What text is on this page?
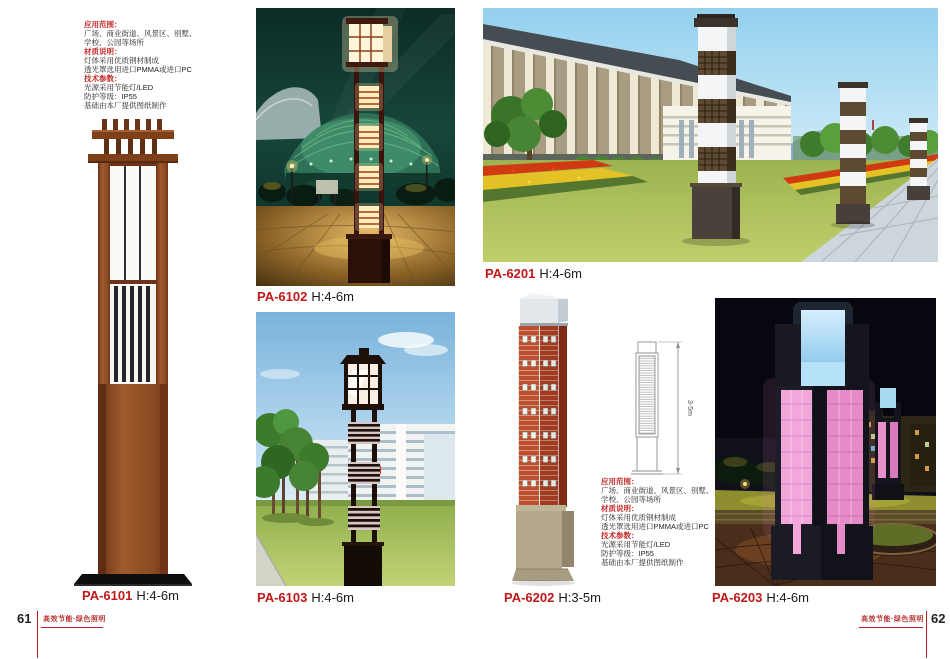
应用范围：
广场、商业街道、风景区、别墅、
学校、公园等场所
材质说明：
灯体采用优质钢材制成
透光罩选用进口PMMA或进口PC
技术参数：
光源采用节能灯/LED
防护等级：IP55
基础由本厂提供图纸制作
3-5m
应用范围：
广场、商业街道、风景区、别墅、
学校、公园等场所
材质说明：
灯体采用优质钢材制成
透光罩选用进口PMMA或进口PC
技术参数：
光源采用节能灯/LED
防护等级：IP55
基础由本厂提供图纸制作
PA-6101 H:4-6m
PA-6102 H:4-6m
PA-6103 H:4-6m
PA-6201 H:4-6m
PA-6202 H:3-5m	PA-6203 H:4-6m
61 高效节能·绿色照明	高效节能·绿色照明 62
